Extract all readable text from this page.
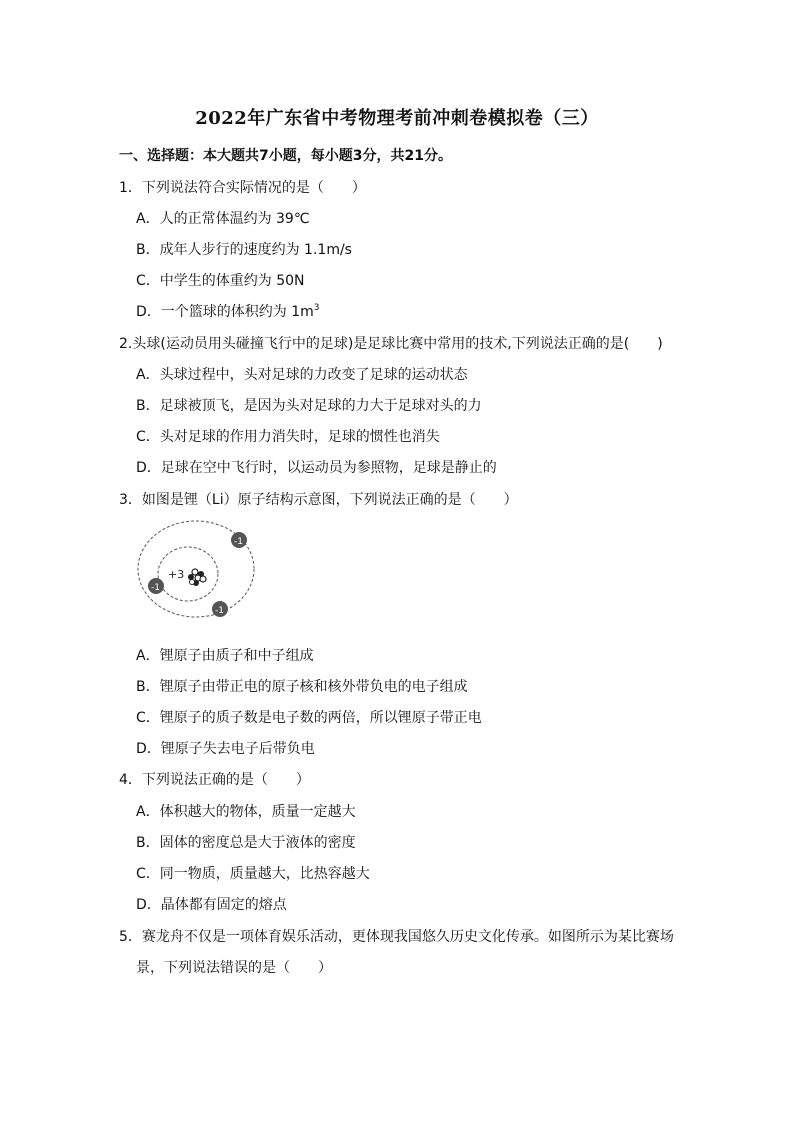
2022年广东省中考物理考前冲刺卷模拟卷（三）
一、选择题：本大题共7小题，每小题3分，共21分。
1．下列说法符合实际情况的是（　　）
A．人的正常体温约为 39℃
B．成年人步行的速度约为 1.1m/s
C．中学生的体重约为 50N
D．一个篮球的体积约为 $1m^3$
2.头球(运动员用头碰撞飞行中的足球)是足球比赛中常用的技术,下列说法正确的是(　　)
A．头球过程中，头对足球的力改变了足球的运动状态
B．足球被顶飞，是因为头对足球的力大于足球对头的力
C．头对足球的作用力消失时，足球的惯性也消失
D．足球在空中飞行时，以运动员为参照物，足球是静止的
3．如图是锂（Li）原子结构示意图，下列说法正确的是（　　）
+3
-1
-1
-1
A．锂原子由质子和中子组成
B．锂原子由带正电的原子核和核外带负电的电子组成
C．锂原子的质子数是电子数的两倍，所以锂原子带正电
D．锂原子失去电子后带负电
4．下列说法正确的是（　　）
A．体积越大的物体，质量一定越大
B．固体的密度总是大于液体的密度
C．同一物质，质量越大，比热容越大
D．晶体都有固定的熔点
5．赛龙舟不仅是一项体育娱乐活动，更体现我国悠久历史文化传承。如图所示为某比赛场
景，下列说法错误的是（　　）
